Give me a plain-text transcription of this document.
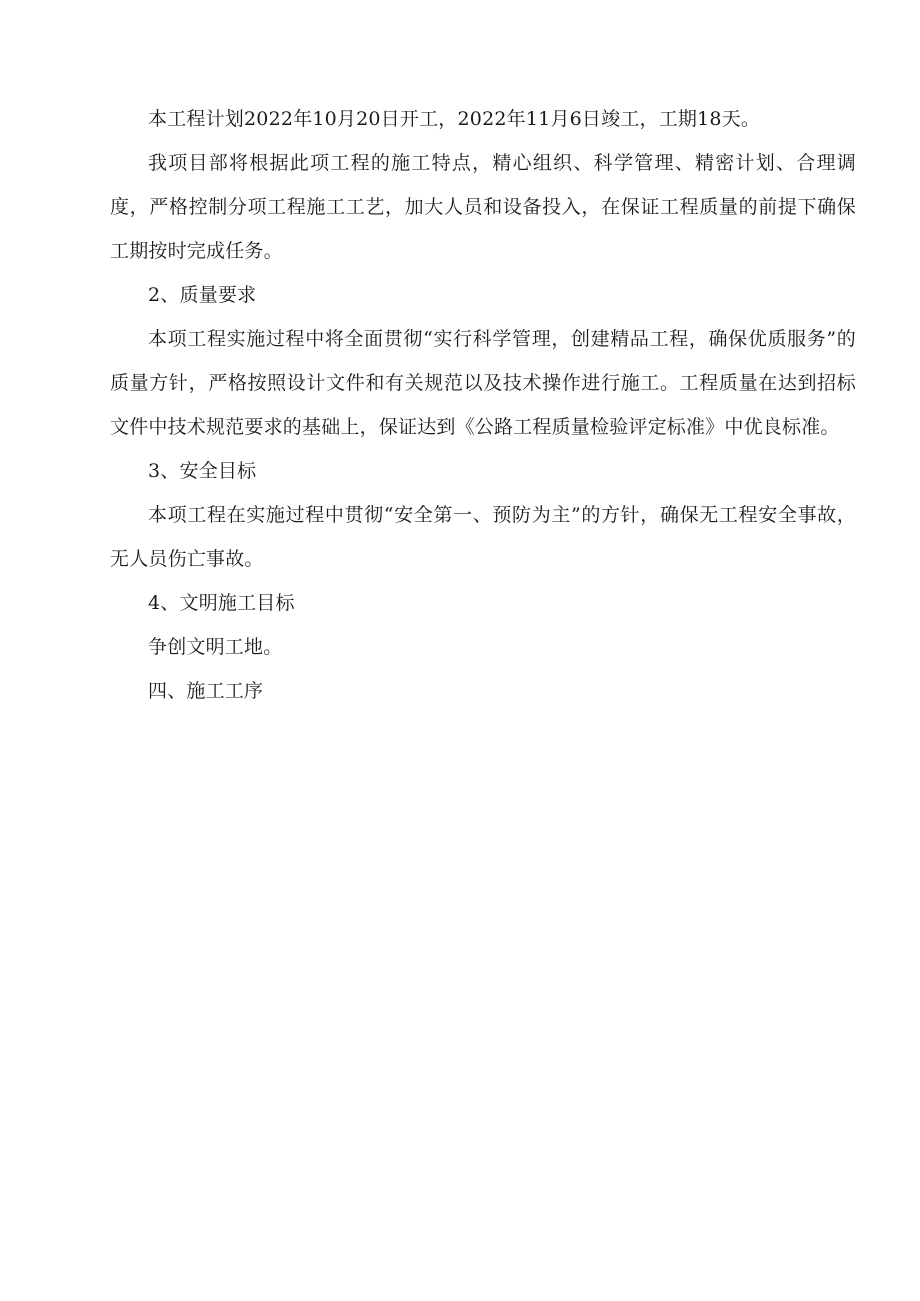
本工程计划2022年10月20日开工，2022年11月6日竣工，工期18天。

我项目部将根据此项工程的施工特点，精心组织、科学管理、精密计划、合理调度，严格控制分项工程施工工艺，加大人员和设备投入，在保证工程质量的前提下确保工期按时完成任务。

2、质量要求

本项工程实施过程中将全面贯彻“实行科学管理，创建精品工程，确保优质服务”的质量方针，严格按照设计文件和有关规范以及技术操作进行施工。工程质量在达到招标文件中技术规范要求的基础上，保证达到《公路工程质量检验评定标准》中优良标准。

3、安全目标

本项工程在实施过程中贯彻“安全第一、预防为主”的方针，确保无工程安全事故，无人员伤亡事故。

4、文明施工目标

争创文明工地。

四、施工工序
